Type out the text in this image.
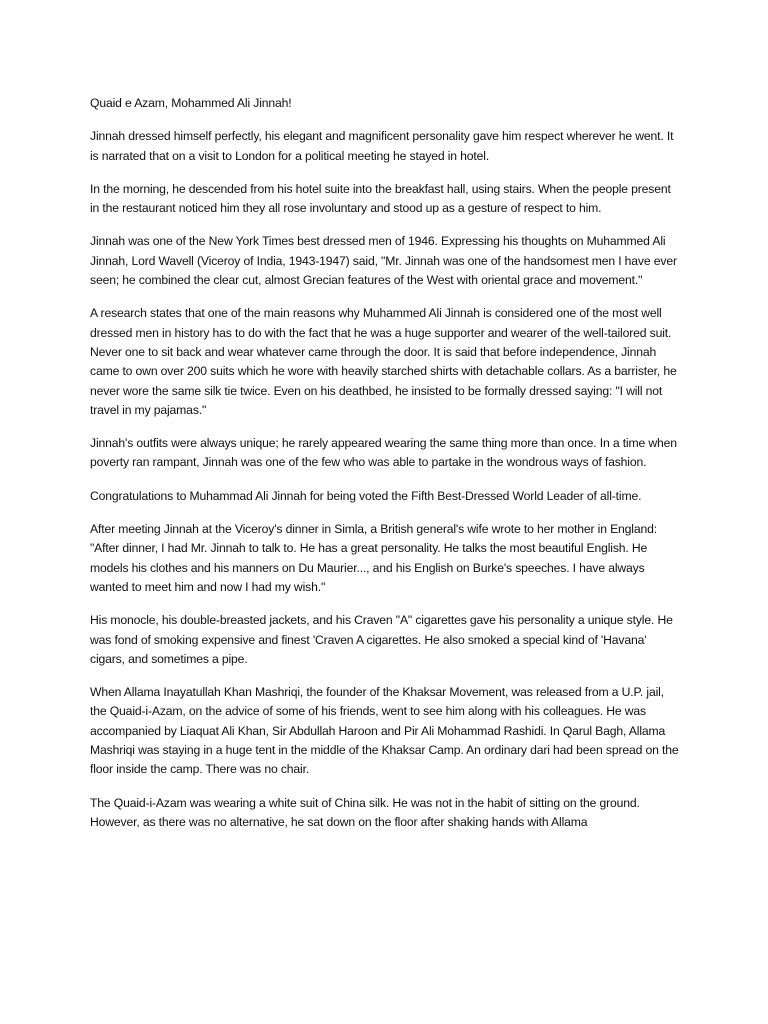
Quaid e Azam, Mohammed Ali Jinnah!

Jinnah dressed himself perfectly, his elegant and magnificent personality gave him respect wherever he went. It is narrated that on a visit to London for a political meeting he stayed in hotel.

In the morning, he descended from his hotel suite into the breakfast hall, using stairs. When the people present in the restaurant noticed him they all rose involuntary and stood up as a gesture of respect to him.

Jinnah was one of the New York Times best dressed men of 1946. Expressing his thoughts on Muhammed Ali Jinnah, Lord Wavell (Viceroy of India, 1943-1947) said, "Mr. Jinnah was one of the handsomest men I have ever seen; he combined the clear cut, almost Grecian features of the West with oriental grace and movement."

A research states that one of the main reasons why Muhammed Ali Jinnah is considered one of the most well dressed men in history has to do with the fact that he was a huge supporter and wearer of the well-tailored suit. Never one to sit back and wear whatever came through the door. It is said that before independence, Jinnah came to own over 200 suits which he wore with heavily starched shirts with detachable collars. As a barrister, he never wore the same silk tie twice. Even on his deathbed, he insisted to be formally dressed saying: "I will not travel in my pajamas."

Jinnah's outfits were always unique; he rarely appeared wearing the same thing more than once. In a time when poverty ran rampant, Jinnah was one of the few who was able to partake in the wondrous ways of fashion.

Congratulations to Muhammad Ali Jinnah for being voted the Fifth Best-Dressed World Leader of all-time.

After meeting Jinnah at the Viceroy's dinner in Simla, a British general's wife wrote to her mother in England: "After dinner, I had Mr. Jinnah to talk to. He has a great personality. He talks the most beautiful English. He models his clothes and his manners on Du Maurier..., and his English on Burke's speeches. I have always wanted to meet him and now I had my wish."

His monocle, his double-breasted jackets, and his Craven "A" cigarettes gave his personality a unique style. He was fond of smoking expensive and finest 'Craven A cigarettes. He also smoked a special kind of 'Havana' cigars, and sometimes a pipe.

When Allama Inayatullah Khan Mashriqi, the founder of the Khaksar Movement, was released from a U.P. jail, the Quaid-i-Azam, on the advice of some of his friends, went to see him along with his colleagues. He was accompanied by Liaquat Ali Khan, Sir Abdullah Haroon and Pir Ali Mohammad Rashidi. In Qarul Bagh, Allama Mashriqi was staying in a huge tent in the middle of the Khaksar Camp. An ordinary dari had been spread on the floor inside the camp. There was no chair.

The Quaid-i-Azam was wearing a white suit of China silk. He was not in the habit of sitting on the ground. However, as there was no alternative, he sat down on the floor after shaking hands with Allama
